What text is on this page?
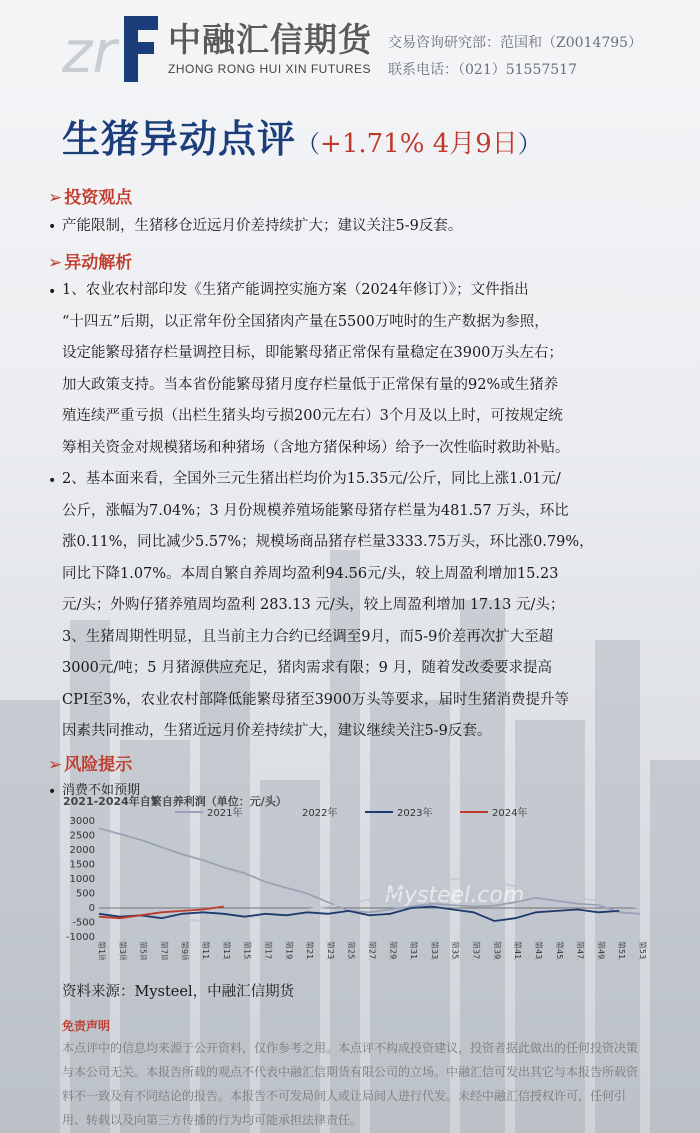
zr 中融汇信期货
ZHONG RONG HUI XIN FUTURES
交易咨询研究部：范国和（Z0014795）
联系电话：（021）51557517
生猪异动点评（+1.71% 4月9日）
➢ 投资观点
• 产能限制，生猪移仓近远月价差持续扩大；建议关注5-9反套。
➢ 异动解析
• 1、农业农村部印发《生猪产能调控实施方案（2024年修订）》；文件指出
“十四五”后期，以正常年份全国猪肉产量在5500万吨时的生产数据为参照，
设定能繁母猪存栏量调控目标，即能繁母猪正常保有量稳定在3900万头左右；
加大政策支持。当本省份能繁母猪月度存栏量低于正常保有量的92%或生猪养
殖连续严重亏损（出栏生猪头均亏损200元左右）3个月及以上时，可按规定统
筹相关资金对规模猪场和种猪场（含地方猪保种场）给予一次性临时救助补贴。
• 2、基本面来看，全国外三元生猪出栏均价为15.35元/公斤，同比上涨1.01元/
公斤，涨幅为7.04%；3 月份规模养殖场能繁母猪存栏量为481.57 万头，环比
涨0.11%，同比减少5.57%；规模场商品猪存栏量3333.75万头，环比涨0.79%，
同比下降1.07%。本周自繁自养周均盈利94.56元/头，较上周盈利增加15.23
元/头；外购仔猪养殖周均盈利 283.13 元/头，较上周盈利增加 17.13 元/头；
3、生猪周期性明显，且当前主力合约已经调至9月，而5-9价差再次扩大至超
3000元/吨；5 月猪源供应充足，猪肉需求有限；9 月，随着发改委要求提高
CPI至3%，农业农村部降低能繁母猪至3900万头等要求，届时生猪消费提升等
因素共同推动，生猪近远月价差持续扩大，建议继续关注5-9反套。
➢ 风险提示
• 消费不如预期
2021-2024年自繁自养利润（单位：元/头）
2021年	2022年	2023年	2024年
-1000
-500
0
500
1000
1500
2000
2500
3000
Mysteel.com
第1周 第3周 第5周 第7周 第9周 第11周 第13周 第15周 第17周 第19周 第21周 第23周 第25周 第27周 第29周 第31周 第33周 第35周 第37周 第39周 第41周 第43周 第45周 第47周 第49周 第51周 第53周
资料来源：Mysteel，中融汇信期货
免责声明
本点评中的信息均来源于公开资料，仅作参考之用。本点评不构成投资建议，投资者据此做出的任何投资决策与本公司无关。本报告所载的观点不代表中融汇信期货有限公司的立场。中融汇信可发出其它与本报告所载资料不一致及有不同结论的报告。本报告不可发局间人或让局间人进行代发。未经中融汇信授权许可，任何引用、转载以及向第三方传播的行为均可能承担法律责任。
